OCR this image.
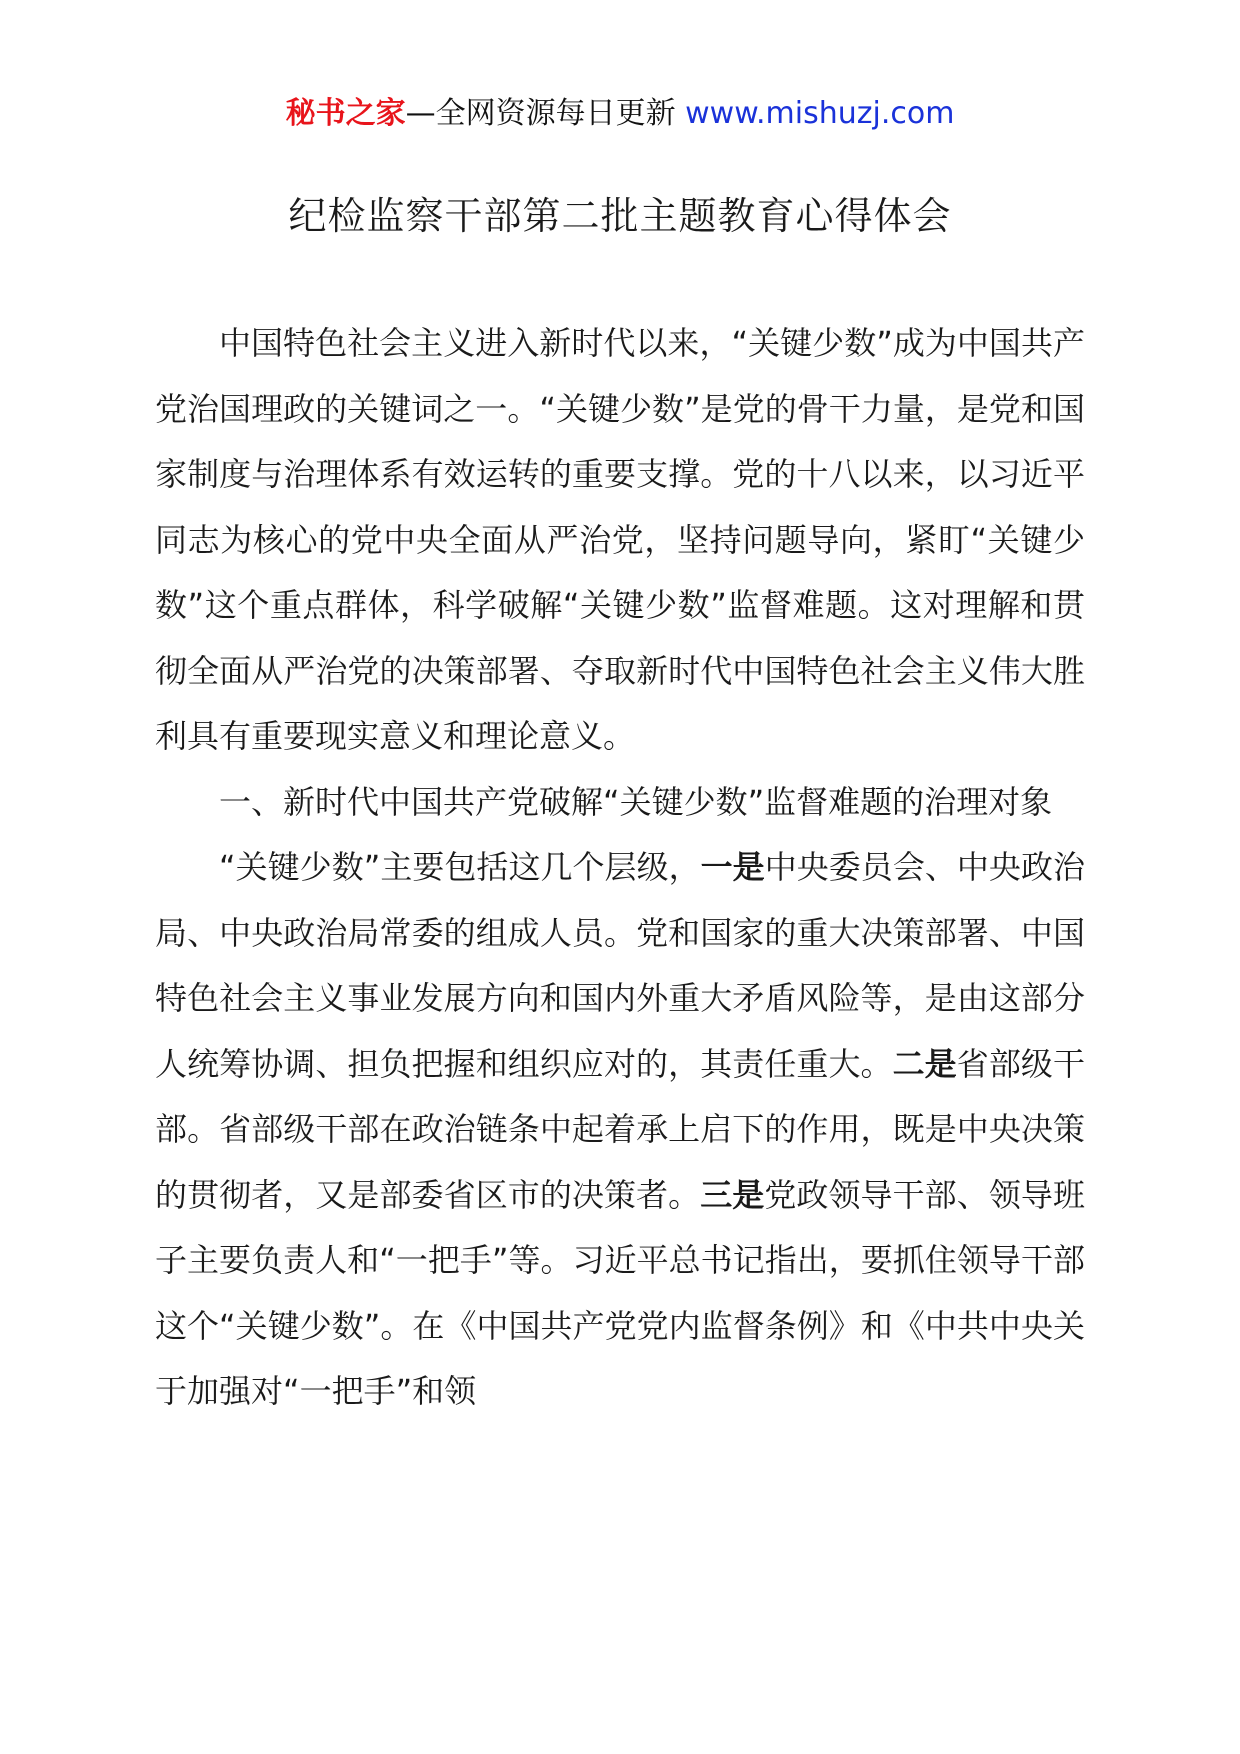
秘书之家—全网资源每日更新 www.mishuzj.com
纪检监察干部第二批主题教育心得体会

中国特色社会主义进入新时代以来，“关键少数”成为中国共产党治国理政的关键词之一。“关键少数”是党的骨干力量，是党和国家制度与治理体系有效运转的重要支撑。党的十八以来，以习近平同志为核心的党中央全面从严治党，坚持问题导向，紧盯“关键少数”这个重点群体，科学破解“关键少数”监督难题。这对理解和贯彻全面从严治党的决策部署、夺取新时代中国特色社会主义伟大胜利具有重要现实意义和理论意义。

一、新时代中国共产党破解“关键少数”监督难题的治理对象

“关键少数”主要包括这几个层级，一是中央委员会、中央政治局、中央政治局常委的组成人员。党和国家的重大决策部署、中国特色社会主义事业发展方向和国内外重大矛盾风险等，是由这部分人统筹协调、担负把握和组织应对的，其责任重大。二是省部级干部。省部级干部在政治链条中起着承上启下的作用，既是中央决策的贯彻者，又是部委省区市的决策者。三是党政领导干部、领导班子主要负责人和“一把手”等。习近平总书记指出，要抓住领导干部这个“关键少数”。在《中国共产党党内监督条例》和《中共中央关于加强对“一把手”和领
